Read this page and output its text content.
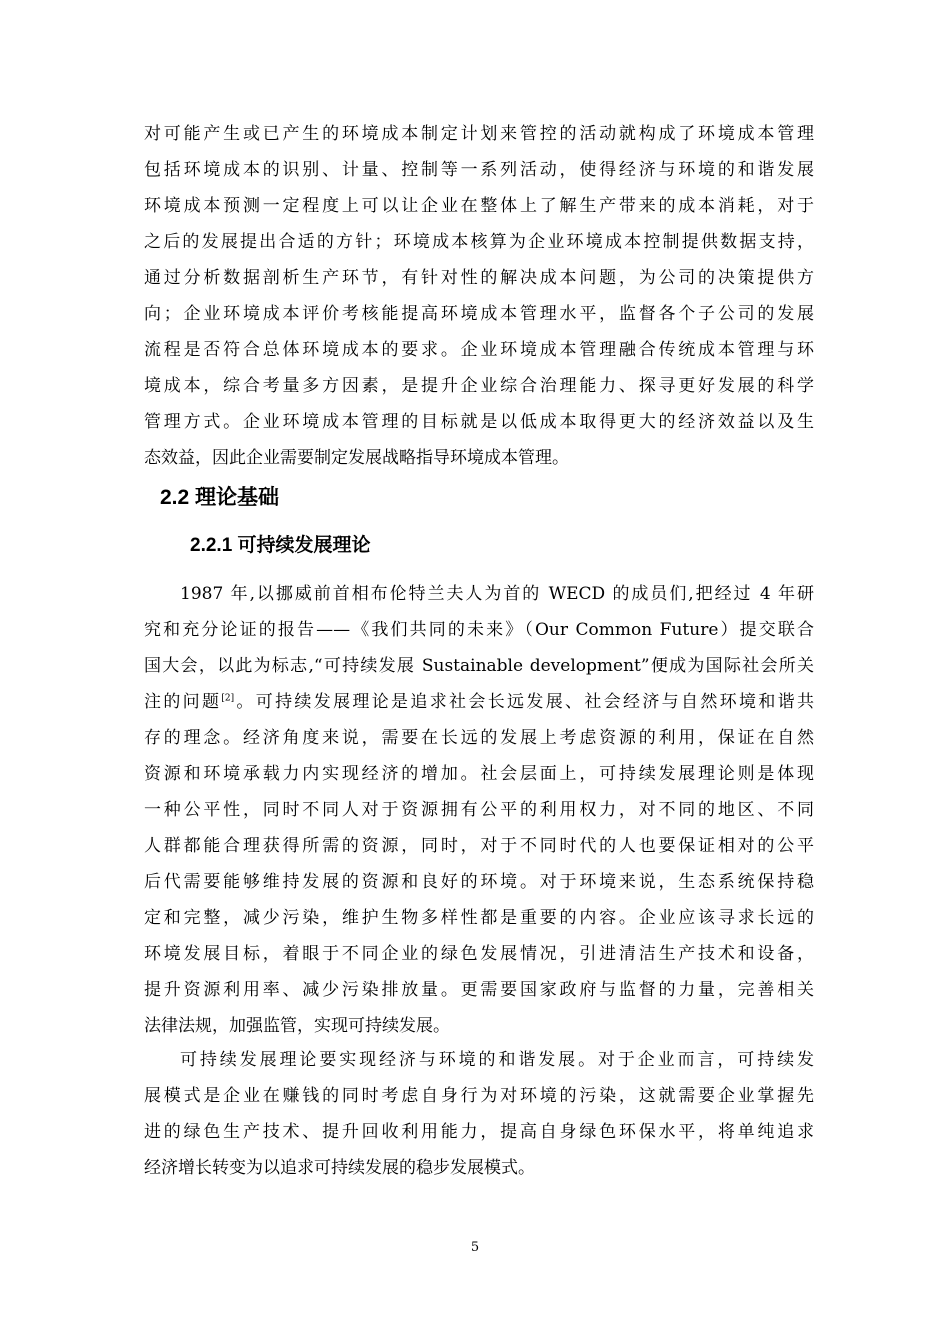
对可能产生或已产生的环境成本制定计划来管控的活动就构成了环境成本管理
包括环境成本的识别、计量、控制等一系列活动，使得经济与环境的和谐发展
环境成本预测一定程度上可以让企业在整体上了解生产带来的成本消耗，对于
之后的发展提出合适的方针；环境成本核算为企业环境成本控制提供数据支持，
通过分析数据剖析生产环节，有针对性的解决成本问题，为公司的决策提供方
向；企业环境成本评价考核能提高环境成本管理水平，监督各个子公司的发展
流程是否符合总体环境成本的要求。企业环境成本管理融合传统成本管理与环
境成本，综合考量多方因素，是提升企业综合治理能力、探寻更好发展的科学
管理方式。企业环境成本管理的目标就是以低成本取得更大的经济效益以及生
态效益，因此企业需要制定发展战略指导环境成本管理。
2.2 理论基础
2.2.1 可持续发展理论
1987 年,以挪威前首相布伦特兰夫人为首的 WECD 的成员们,把经过 4 年研
究和充分论证的报告——《我们共同的未来》（Our Common Future）提交联合
国大会，以此为标志,“可持续发展 Sustainable development”便成为国际社会所关
注的问题[2]。可持续发展理论是追求社会长远发展、社会经济与自然环境和谐共
存的理念。经济角度来说，需要在长远的发展上考虑资源的利用，保证在自然
资源和环境承载力内实现经济的增加。社会层面上，可持续发展理论则是体现
一种公平性，同时不同人对于资源拥有公平的利用权力，对不同的地区、不同
人群都能合理获得所需的资源，同时，对于不同时代的人也要保证相对的公平
后代需要能够维持发展的资源和良好的环境。对于环境来说，生态系统保持稳
定和完整，减少污染，维护生物多样性都是重要的内容。企业应该寻求长远的
环境发展目标，着眼于不同企业的绿色发展情况，引进清洁生产技术和设备，
提升资源利用率、减少污染排放量。更需要国家政府与监督的力量，完善相关
法律法规，加强监管，实现可持续发展。
可持续发展理论要实现经济与环境的和谐发展。对于企业而言，可持续发
展模式是企业在赚钱的同时考虑自身行为对环境的污染，这就需要企业掌握先
进的绿色生产技术、提升回收利用能力，提高自身绿色环保水平，将单纯追求
经济增长转变为以追求可持续发展的稳步发展模式。
5
